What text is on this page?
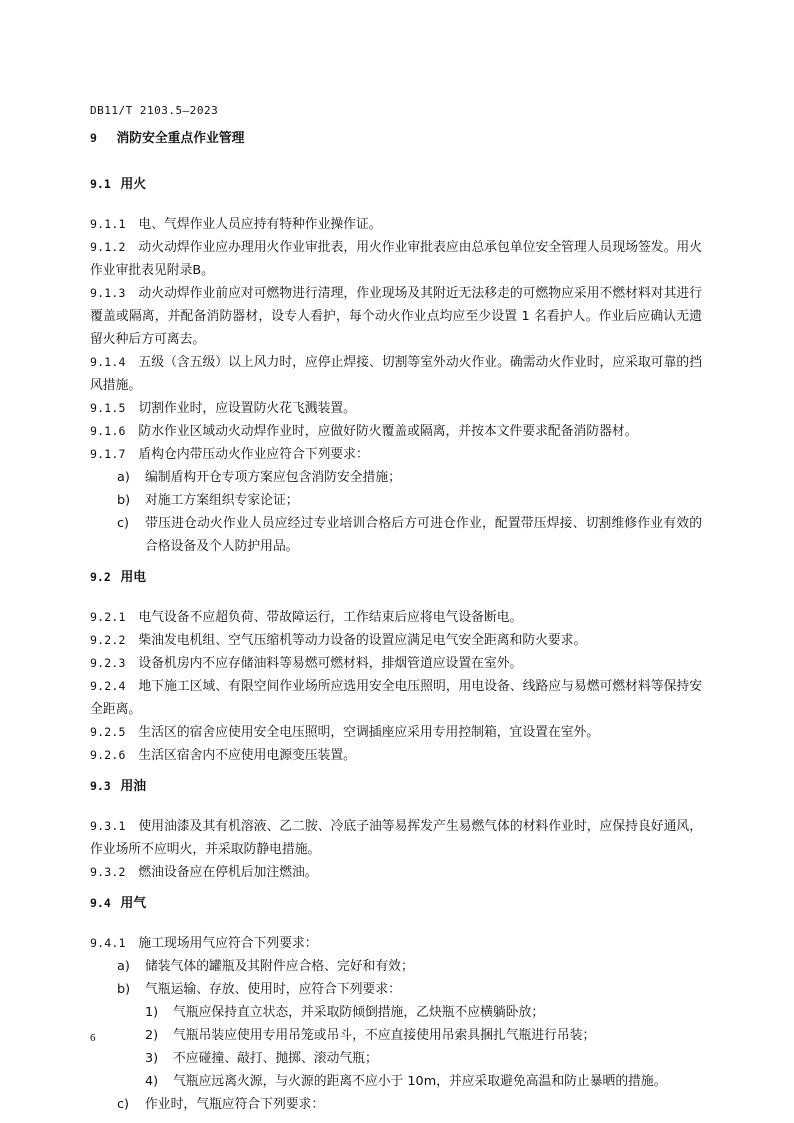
DB11/T 2103.5—2023
9 消防安全重点作业管理
9.1 用火

9.1.1　 电、气焊作业人员应持有特种作业操作证。

9.1.2　 动火动焊作业应办理用火作业审批表，用火作业审批表应由总承包单位安全管理人员现场签发。用火作业审批表见附录B。

9.1.3　 动火动焊作业前应对可燃物进行清理，作业现场及其附近无法移走的可燃物应采用不燃材料对其进行覆盖或隔离，并配备消防器材，设专人看护，每个动火作业点均应至少设置 1 名看护人。作业后应确认无遗留火种后方可离去。

9.1.4　 五级（含五级）以上风力时，应停止焊接、切割等室外动火作业。确需动火作业时，应采取可靠的挡风措施。

9.1.5　 切割作业时，应设置防火花飞溅装置。

9.1.6　 防水作业区域动火动焊作业时，应做好防火覆盖或隔离，并按本文件要求配备消防器材。

9.1.7　 盾构仓内带压动火作业应符合下列要求：

a) 编制盾构开仓专项方案应包含消防安全措施；

b) 对施工方案组织专家论证；

c) 带压进仓动火作业人员应经过专业培训合格后方可进仓作业，配置带压焊接、切割维修作业有效的合格设备及个人防护用品。

9.2 用电

9.2.1　 电气设备不应超负荷、带故障运行，工作结束后应将电气设备断电。

9.2.2　 柴油发电机组、空气压缩机等动力设备的设置应满足电气安全距离和防火要求。

9.2.3　 设备机房内不应存储油料等易燃可燃材料，排烟管道应设置在室外。

9.2.4　 地下施工区域、有限空间作业场所应选用安全电压照明，用电设备、线路应与易燃可燃材料等保持安全距离。

9.2.5　 生活区的宿舍应使用安全电压照明，空调插座应采用专用控制箱，宜设置在室外。

9.2.6　 生活区宿舍内不应使用电源变压装置。

9.3 用油

9.3.1　 使用油漆及其有机溶液、乙二胺、冷底子油等易挥发产生易燃气体的材料作业时，应保持良好通风，作业场所不应明火，并采取防静电措施。

9.3.2　 燃油设备应在停机后加注燃油。

9.4 用气

9.4.1　 施工现场用气应符合下列要求：

a) 储装气体的罐瓶及其附件应合格、完好和有效；

b) 气瓶运输、存放、使用时，应符合下列要求：

1) 气瓶应保持直立状态，并采取防倾倒措施，乙炔瓶不应横躺卧放；

2) 气瓶吊装应使用专用吊笼或吊斗，不应直接使用吊索具捆扎气瓶进行吊装；

3) 不应碰撞、敲打、抛掷、滚动气瓶；

4) 气瓶应远离火源，与火源的距离不应小于 10m，并应采取避免高温和防止暴晒的措施。

c) 作业时，气瓶应符合下列要求：

6
